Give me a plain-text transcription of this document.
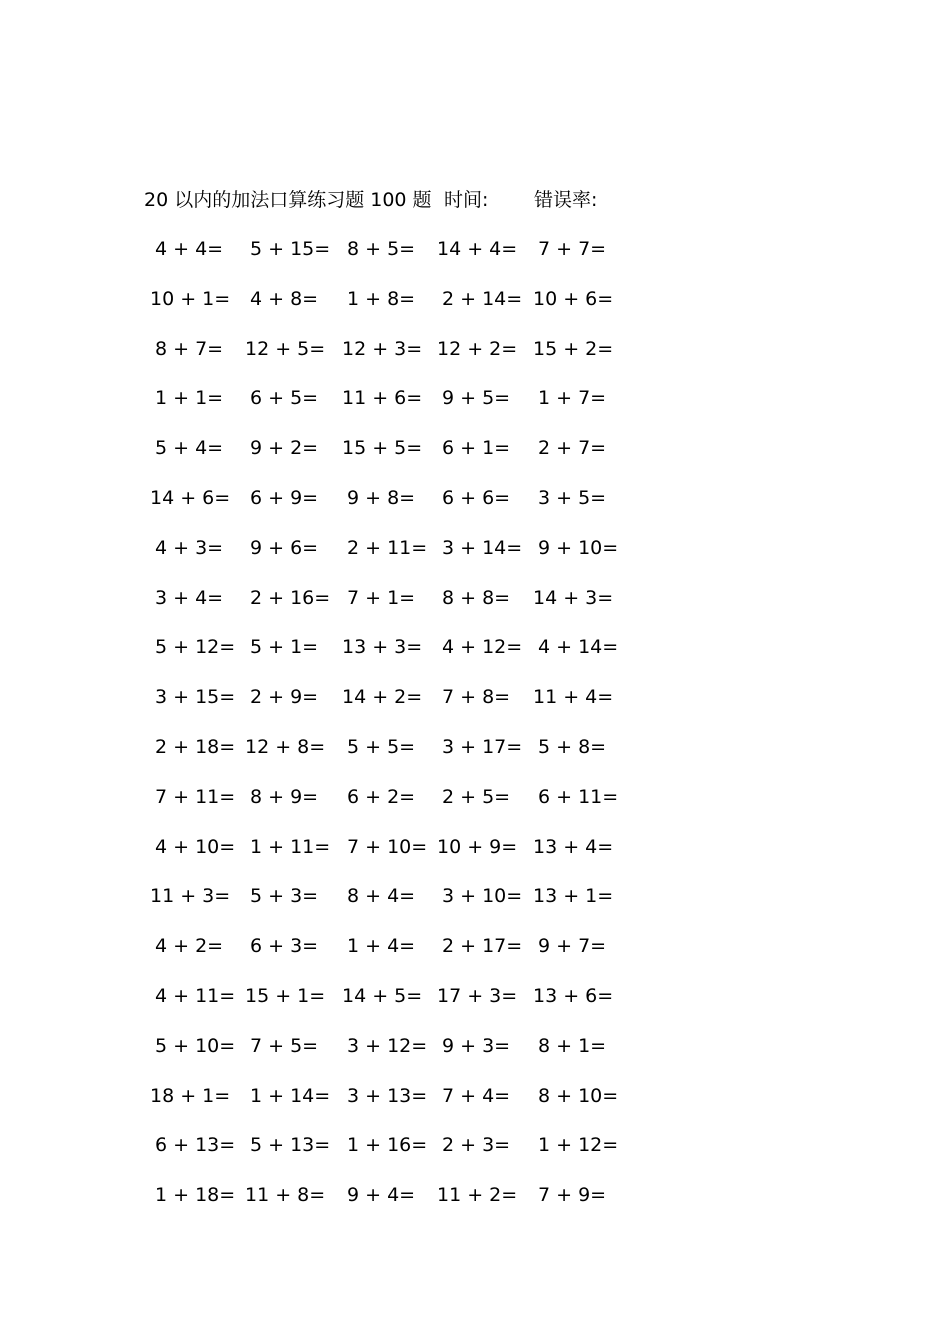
20 以内的加法口算练习题 100 题 时间: 错误率:
4 + 4= 5 + 15= 8 + 5= 14 + 4= 7 + 7=
10 + 1= 4 + 8= 1 + 8= 2 + 14= 10 + 6=
8 + 7= 12 + 5= 12 + 3= 12 + 2= 15 + 2=
1 + 1= 6 + 5= 11 + 6= 9 + 5= 1 + 7=
5 + 4= 9 + 2= 15 + 5= 6 + 1= 2 + 7=
14 + 6= 6 + 9= 9 + 8= 6 + 6= 3 + 5=
4 + 3= 9 + 6= 2 + 11= 3 + 14= 9 + 10=
3 + 4= 2 + 16= 7 + 1= 8 + 8= 14 + 3=
5 + 12= 5 + 1= 13 + 3= 4 + 12= 4 + 14=
3 + 15= 2 + 9= 14 + 2= 7 + 8= 11 + 4=
2 + 18= 12 + 8= 5 + 5= 3 + 17= 5 + 8=
7 + 11= 8 + 9= 6 + 2= 2 + 5= 6 + 11=
4 + 10= 1 + 11= 7 + 10= 10 + 9= 13 + 4=
11 + 3= 5 + 3= 8 + 4= 3 + 10= 13 + 1=
4 + 2= 6 + 3= 1 + 4= 2 + 17= 9 + 7=
4 + 11= 15 + 1= 14 + 5= 17 + 3= 13 + 6=
5 + 10= 7 + 5= 3 + 12= 9 + 3= 8 + 1=
18 + 1= 1 + 14= 3 + 13= 7 + 4= 8 + 10=
6 + 13= 5 + 13= 1 + 16= 2 + 3= 1 + 12=
1 + 18= 11 + 8= 9 + 4= 11 + 2= 7 + 9=
